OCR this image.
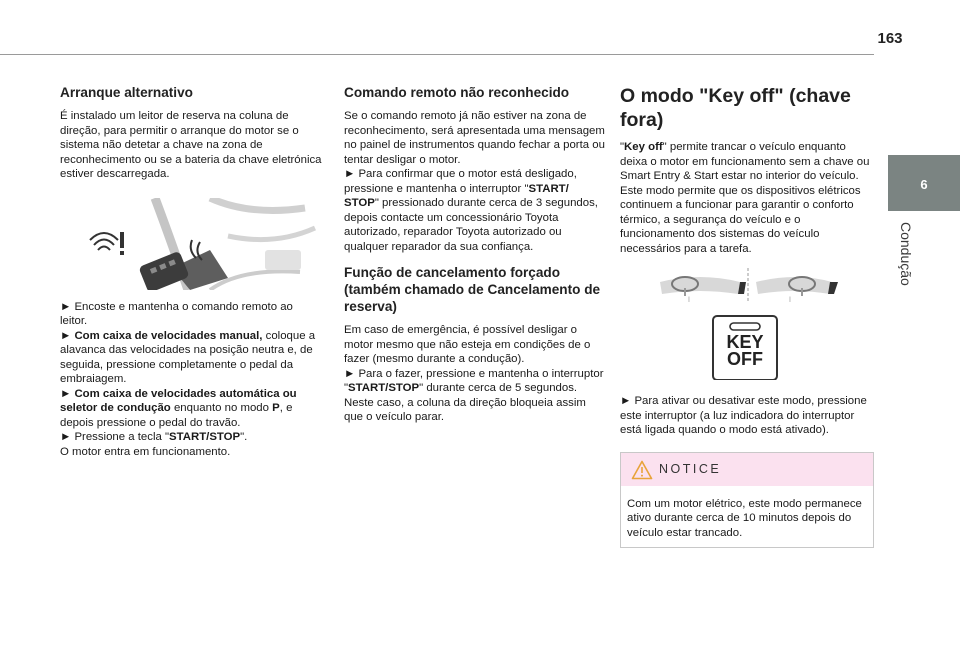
163
6
Condução
Arranque alternativo

É instalado um leitor de reserva na coluna de direção, para permitir o arranque do motor se o sistema não detetar a chave na zona de reconhecimento ou se a bateria da chave eletrónica estiver descarregada.

► Encoste e mantenha o comando remoto ao leitor.

► Com caixa de velocidades manual, coloque a alavanca das velocidades na posição neutra e, de seguida, pressione completamente o pedal da embraiagem.

► Com caixa de velocidades automática ou seletor de condução enquanto no modo P, e depois pressione o pedal do travão.

► Pressione a tecla "START/STOP".

O motor entra em funcionamento.

Comando remoto não reconhecido

Se o comando remoto já não estiver na zona de reconhecimento, será apresentada uma mensagem no painel de instrumentos quando fechar a porta ou tentar desligar o motor.

► Para confirmar que o motor está desligado, pressione e mantenha o interruptor "START/ STOP" pressionado durante cerca de 3 segundos, depois contacte um concessionário Toyota autorizado, reparador Toyota autorizado ou qualquer reparador da sua confiança.

Função de cancelamento forçado (também chamado de Cancelamento de reserva)

Em caso de emergência, é possível desligar o motor mesmo que não esteja em condições de o fazer (mesmo durante a condução).

► Para o fazer, pressione e mantenha o interruptor "START/STOP" durante cerca de 5 segundos.

Neste caso, a coluna da direção bloqueia assim que o veículo parar.

O modo "Key off" (chave fora)

"Key off" permite trancar o veículo enquanto deixa o motor em funcionamento sem a chave ou Smart Entry & Start estar no interior do veículo.

Este modo permite que os dispositivos elétricos continuem a funcionar para garantir o conforto térmico, a segurança do veículo e o funcionamento dos sistemas do veículo necessários para a tarefa.

l	l
KEY
OFF

► Para ativar ou desativar este modo, pressione este interruptor (a luz indicadora do interruptor está ligada quando o modo está ativado).

NOTICE
Com um motor elétrico, este modo permanece ativo durante cerca de 10 minutos depois do veículo estar trancado.
